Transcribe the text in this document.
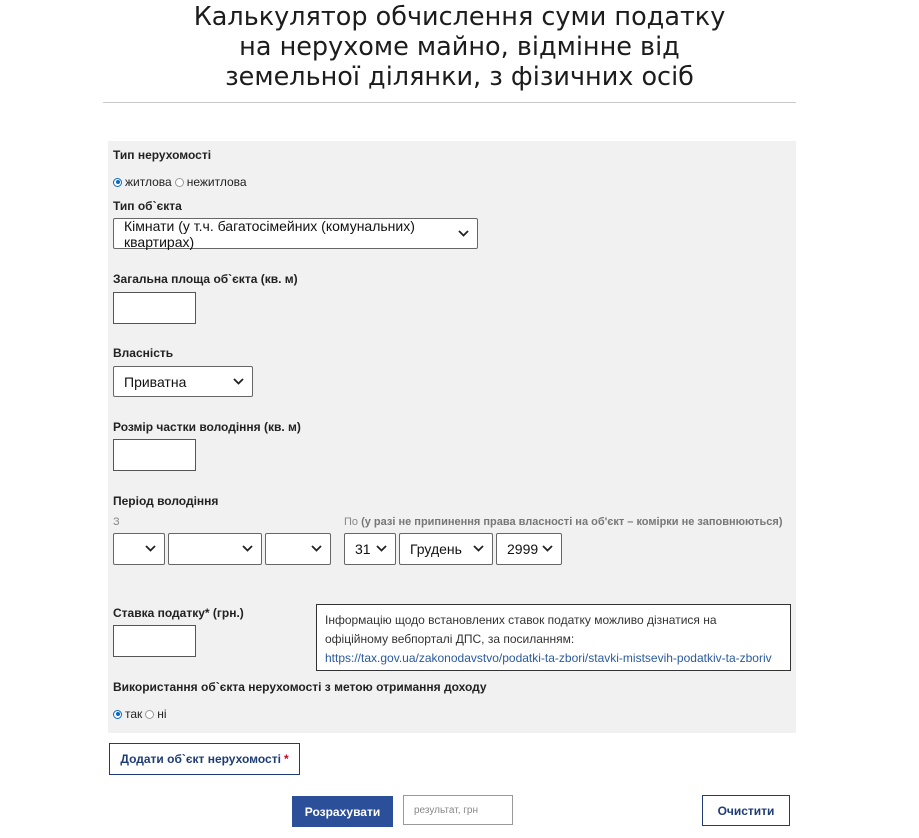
Калькулятор обчислення суми податку
на нерухоме майно, відмінне від
земельної ділянки, з фізичних осіб
Тип нерухомості
житлова нежитлова
Тип об`єкта
Кімнати (у т.ч. багатосімейних (комунальних) квартирах)
Загальна площа об`єкта (кв. м)
Власність
Приватна
Розмір частки володіння (кв. м)
Період володіння
З	По (у разі не припинення права власності на об'єкт – комірки не заповнюються)
31	Грудень	2999
Ставка податку* (грн.)	Інформацію щодо встановлених ставок податку можливо дізнатися на офіційному вебпорталі ДПС, за посиланням: https://tax.gov.ua/zakonodavstvo/podatki-ta-zbori/stavki-mistsevih-podatkiv-ta-zboriv
Використання об`єкта нерухомості з метою отримання доходу
так ні
Додати об`єкт нерухомості *
Розрахувати	результат, грн	Очистити
